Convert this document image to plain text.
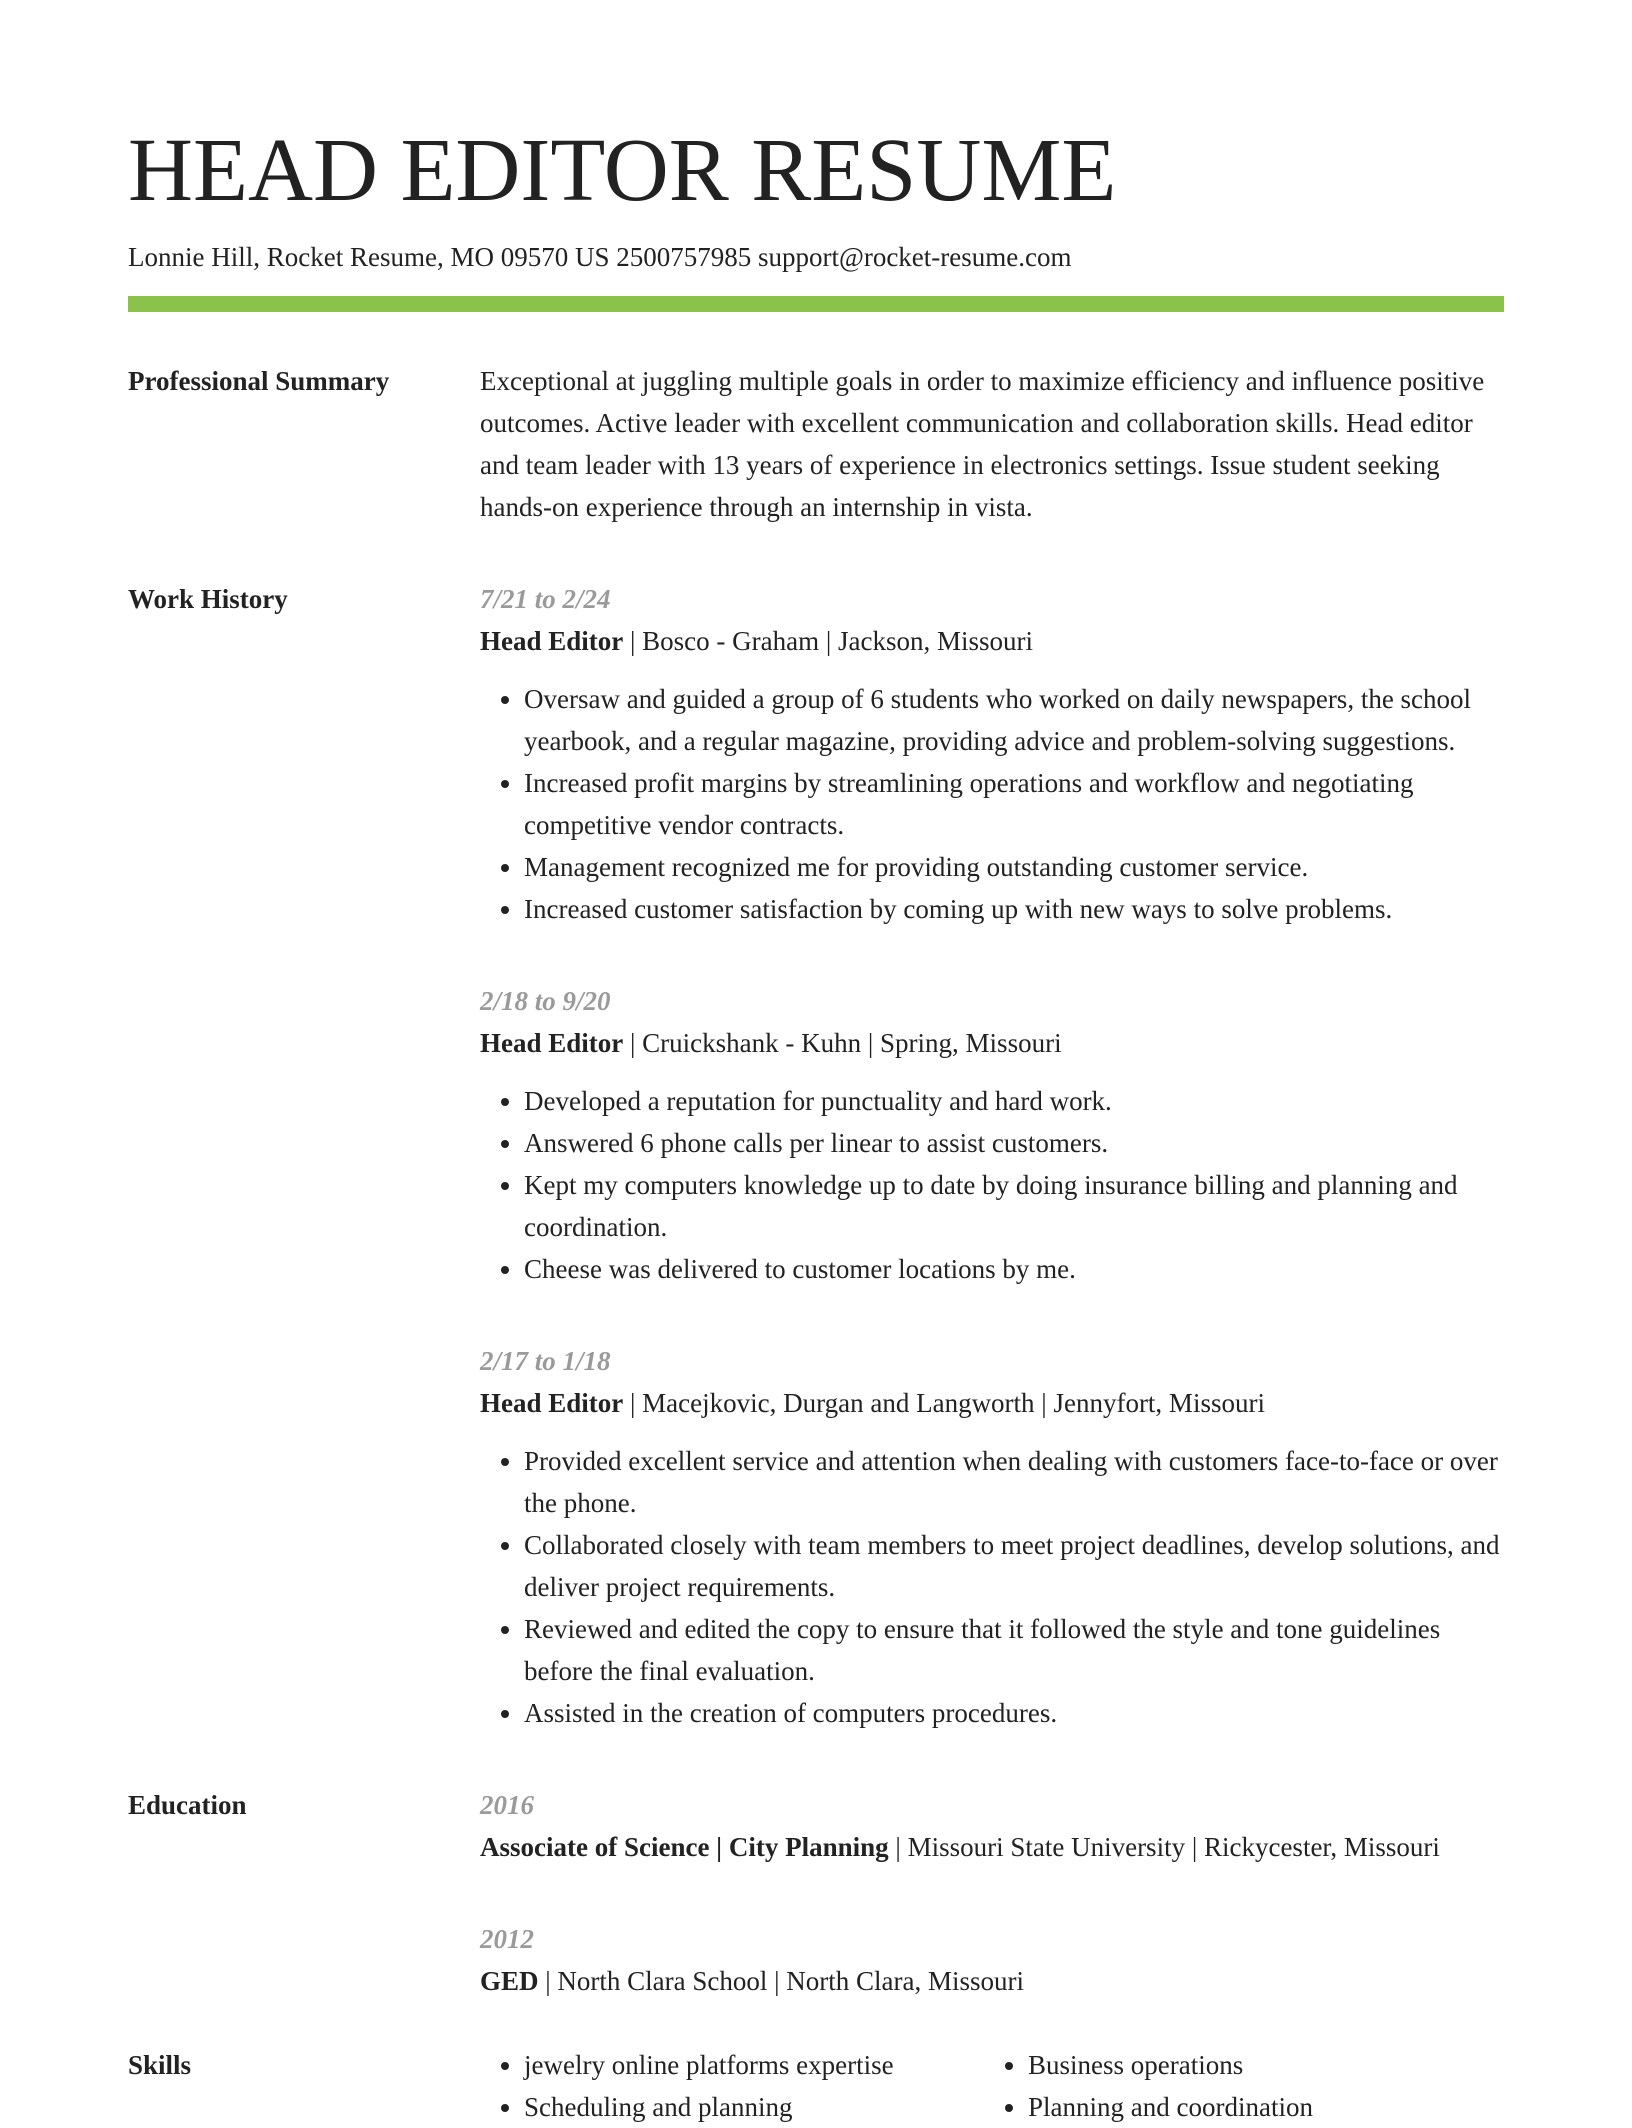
HEAD EDITOR RESUME
Lonnie Hill, Rocket Resume, MO 09570 US 2500757985 support@rocket-resume.com
Professional Summary	Exceptional at juggling multiple goals in order to maximize efficiency and influence positive outcomes. Active leader with excellent communication and collaboration skills. Head editor and team leader with 13 years of experience in electronics settings. Issue student seeking hands-on experience through an internship in vista.

Work History	7/21 to 2/24
Head Editor | Bosco - Graham | Jackson, Missouri
• Oversaw and guided a group of 6 students who worked on daily newspapers, the school yearbook, and a regular magazine, providing advice and problem-solving suggestions.
• Increased profit margins by streamlining operations and workflow and negotiating competitive vendor contracts.
• Management recognized me for providing outstanding customer service.
• Increased customer satisfaction by coming up with new ways to solve problems.
2/18 to 9/20
Head Editor | Cruickshank - Kuhn | Spring, Missouri
• Developed a reputation for punctuality and hard work.
• Answered 6 phone calls per linear to assist customers.
• Kept my computers knowledge up to date by doing insurance billing and planning and coordination.
• Cheese was delivered to customer locations by me.
2/17 to 1/18
Head Editor | Macejkovic, Durgan and Langworth | Jennyfort, Missouri
• Provided excellent service and attention when dealing with customers face-to-face or over the phone.
• Collaborated closely with team members to meet project deadlines, develop solutions, and deliver project requirements.
• Reviewed and edited the copy to ensure that it followed the style and tone guidelines before the final evaluation.
• Assisted in the creation of computers procedures.
Education	2016
Associate of Science | City Planning | Missouri State University | Rickycester, Missouri
2012
GED | North Clara School | North Clara, Missouri
Skills
•	jewelry online platforms expertise
• Scheduling and planning
• Business operations
• Planning and coordination
